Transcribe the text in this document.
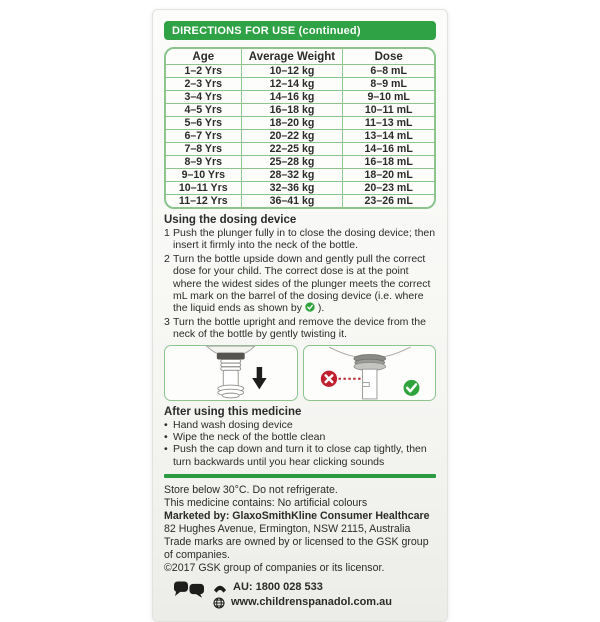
DIRECTIONS FOR USE (continued)
Age	Average Weight	Dose
1–2 Yrs	10–12 kg	6–8 mL
2–3 Yrs	12–14 kg	8–9 mL
3–4 Yrs	14–16 kg	9–10 mL
4–5 Yrs	16–18 kg	10–11 mL
5–6 Yrs	18–20 kg	11–13 mL
6–7 Yrs	20–22 kg	13–14 mL
7–8 Yrs	22–25 kg	14–16 mL
8–9 Yrs	25–28 kg	16–18 mL
9–10 Yrs	28–32 kg	18–20 mL
10–11 Yrs	32–36 kg	20–23 mL
11–12 Yrs	36–41 kg	23–26 mL
Using the dosing device
1 Push the plunger fully in to close the dosing device; then insert it firmly into the neck of the bottle.
2 Turn the bottle upside down and gently pull the correct dose for your child. The correct dose is at the point where the widest sides of the plunger meets the correct mL mark on the barrel of the dosing device (i.e. where the liquid ends as shown by ).
3 Turn the bottle upright and remove the device from the neck of the bottle by gently twisting it.
After using this medicine
• Hand wash dosing device
• Wipe the neck of the bottle clean
• Push the cap down and turn it to close cap tightly, then turn backwards until you hear clicking sounds

Store below 30°C. Do not refrigerate.

This medicine contains: No artificial colours

Marketed by: GlaxoSmithKline Consumer Healthcare

82 Hughes Avenue, Ermington, NSW 2115, Australia

Trade marks are owned by or licensed to the GSK group of companies.

©2017 GSK group of companies or its licensor.

AU: 1800 028 533
www.childrenspanadol.com.au
